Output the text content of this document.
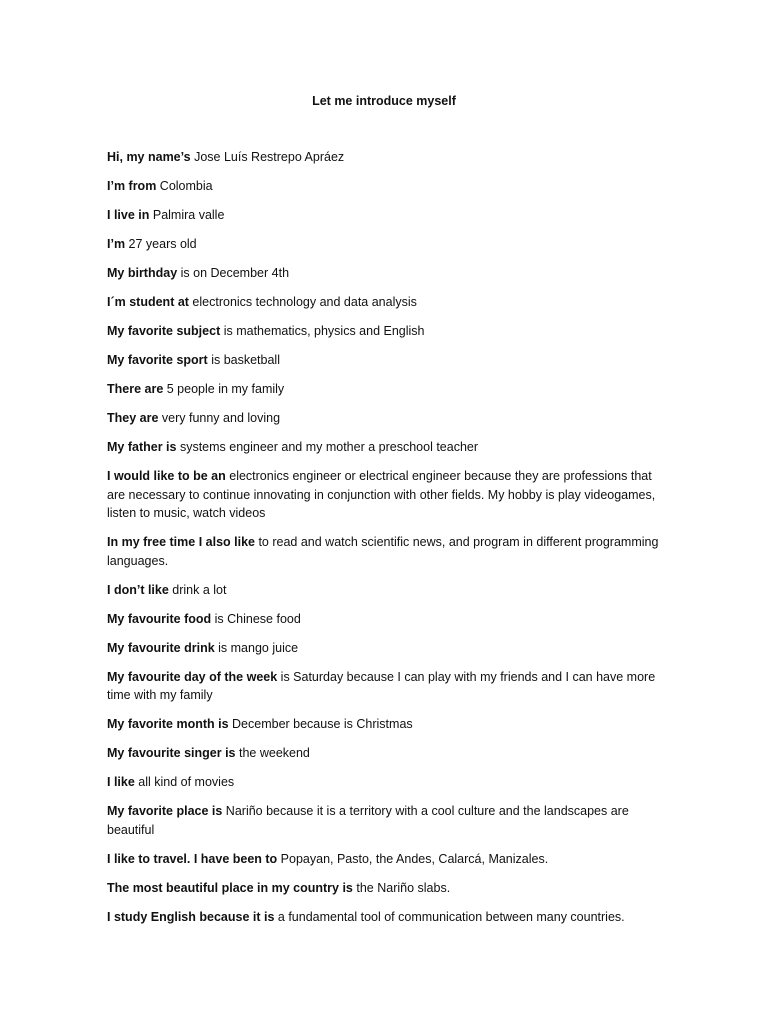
Let me introduce myself

Hi, my name’s Jose Luís Restrepo Apráez

I’m from Colombia

I live in Palmira valle

I’m 27 years old

My birthday is on December 4th

I´m student at electronics technology and data analysis

My favorite subject is mathematics, physics and English

My favorite sport is basketball

There are 5 people in my family

They are very funny and loving

My father is systems engineer and my mother a preschool teacher

I would like to be an electronics engineer or electrical engineer because they are professions that are necessary to continue innovating in conjunction with other fields. My hobby is play videogames, listen to music, watch videos

In my free time I also like to read and watch scientific news, and program in different programming languages.

I don’t like drink a lot

My favourite food is Chinese food

My favourite drink is mango juice

My favourite day of the week is Saturday because I can play with my friends and I can have more time with my family

My favorite month is December because is Christmas

My favourite singer is the weekend

I like all kind of movies

My favorite place is Nariño because it is a territory with a cool culture and the landscapes are beautiful

I like to travel. I have been to Popayan, Pasto, the Andes, Calarcá, Manizales.

The most beautiful place in my country is the Nariño slabs.

I study English because it is a fundamental tool of communication between many countries.
